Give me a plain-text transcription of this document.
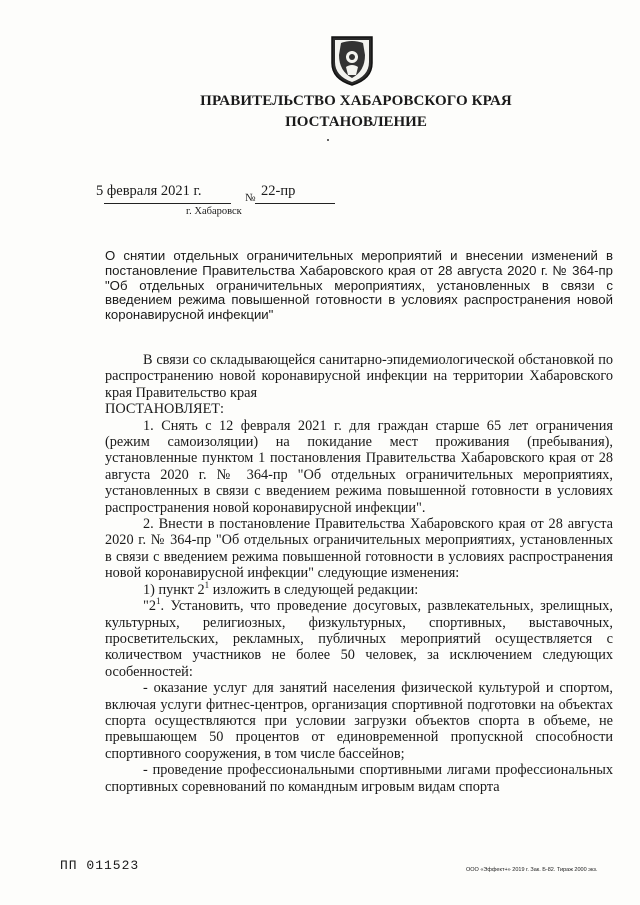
ПРАВИТЕЛЬСТВО ХАБАРОВСКОГО КРАЯ
ПОСТАНОВЛЕНИЕ
5 февраля 2021 г.	№ 22-пр
г. Хабаровск
О снятии отдельных ограничительных мероприятий и внесении изменений в постановление Правительства Хабаровского края от 28 августа 2020 г. № 364-пр "Об отдельных ограничительных мероприятиях, установленных в связи с введением режима повышенной готовности в условиях распространения новой коронавирусной инфекции"

В связи со складывающейся санитарно-эпидемиологической обстановкой по распространению новой коронавирусной инфекции на территории Хабаровского края Правительство края

ПОСТАНОВЛЯЕТ:

1. Снять с 12 февраля 2021 г. для граждан старше 65 лет ограничения (режим самоизоляции) на покидание мест проживания (пребывания), установленные пунктом 1 постановления Правительства Хабаровского края от 28 августа 2020 г. № 364-пр "Об отдельных ограничительных мероприятиях, установленных в связи с введением режима повышенной готовности в условиях распространения новой коронавирусной инфекции".

2. Внести в постановление Правительства Хабаровского края от 28 августа 2020 г. № 364-пр "Об отдельных ограничительных мероприятиях, установленных в связи с введением режима повышенной готовности в условиях распространения новой коронавирусной инфекции" следующие изменения:

1) пункт $2^1$ изложить в следующей редакции:

"$2^1$. Установить, что проведение досуговых, развлекательных, зрелищных, культурных, религиозных, физкультурных, спортивных, выставочных, просветительских, рекламных, публичных мероприятий осуществляется с количеством участников не более 50 человек, за исключением следующих особенностей:

- оказание услуг для занятий населения физической культурой и спортом, включая услуги фитнес-центров, организация спортивной подготовки на объектах спорта осуществляются при условии загрузки объектов спорта в объеме, не превышающем 50 процентов от единовременной пропускной способности спортивного сооружения, в том числе бассейнов;

- проведение профессиональными спортивными лигами профессиональных спортивных соревнований по командным игровым видам спорта

ПП 011523	ООО «Эффект+» 2019 г. Зак. Б-82. Тираж 2000 экз.
